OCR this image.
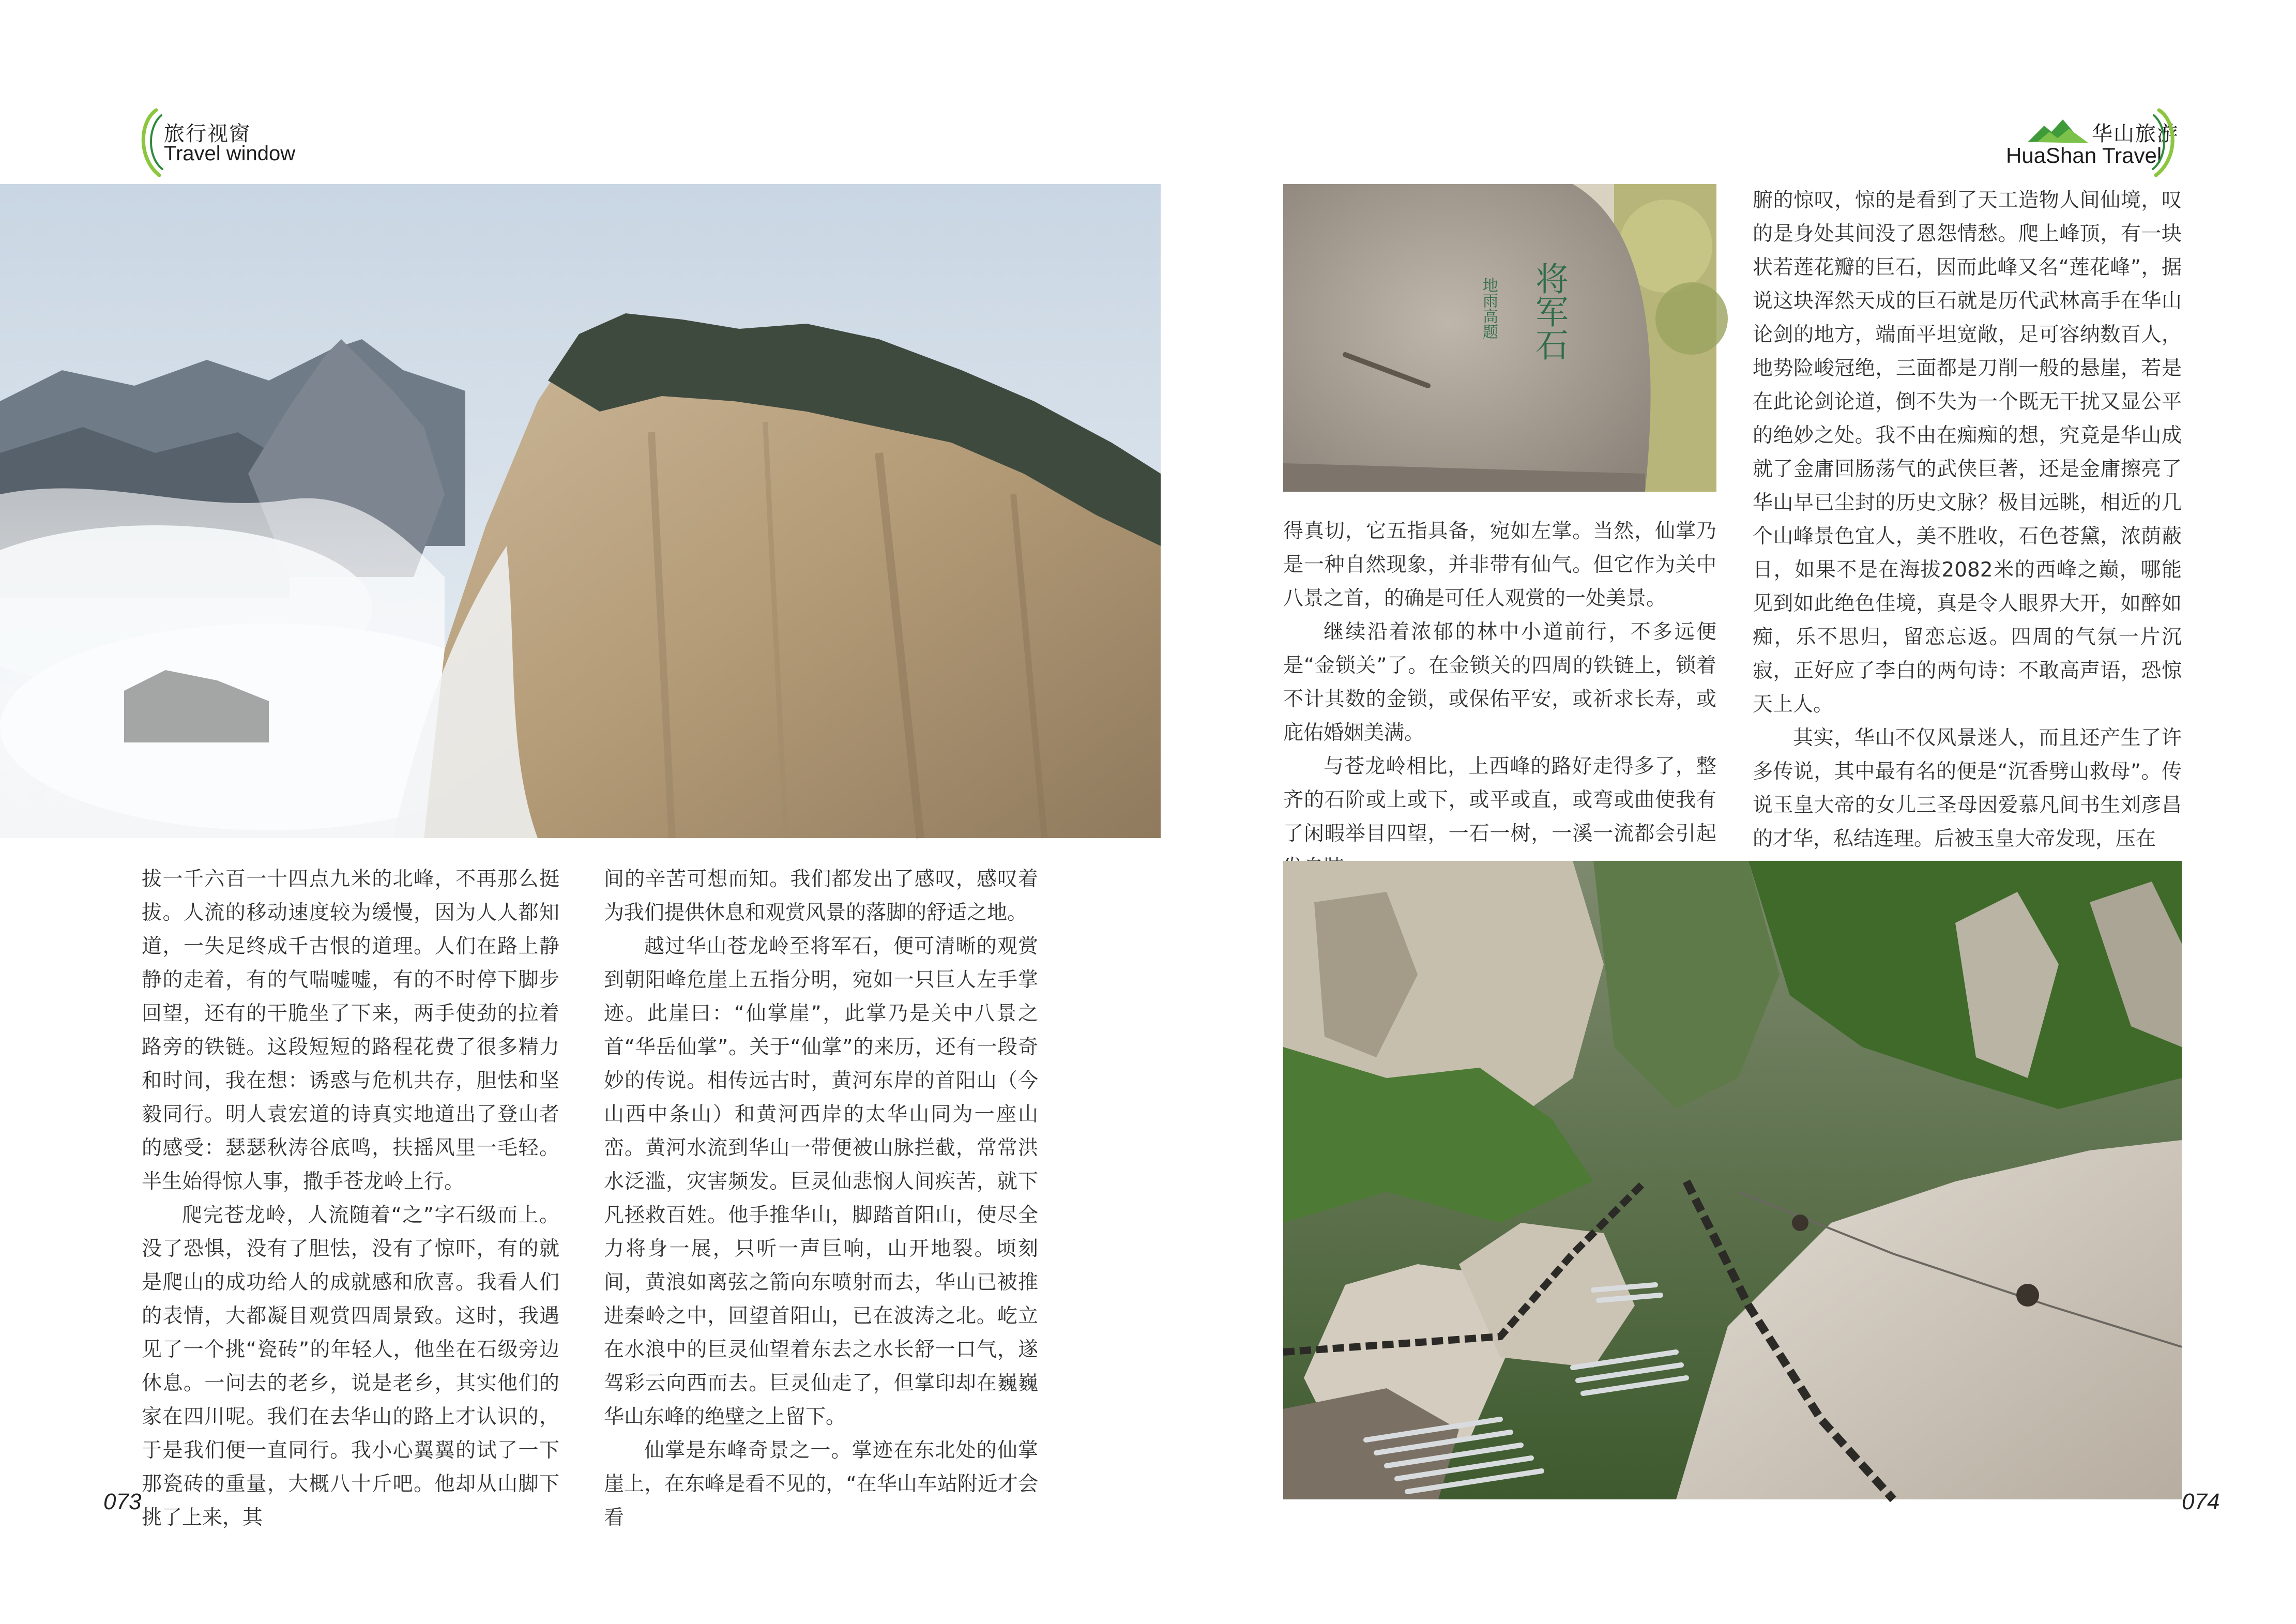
旅行视窗
Travel window
华山旅游
HuaShan Travel

拔一千六百一十四点九米的北峰，不再那么挺拔。人流的移动速度较为缓慢，因为人人都知道，一失足终成千古恨的道理。人们在路上静静的走着，有的气喘嘘嘘，有的不时停下脚步回望，还有的干脆坐了下来，两手使劲的拉着路旁的铁链。这段短短的路程花费了很多精力和时间，我在想：诱惑与危机共存，胆怯和坚毅同行。明人袁宏道的诗真实地道出了登山者的感受：瑟瑟秋涛谷底鸣，扶摇风里一毛轻。半生始得惊人事，撒手苍龙岭上行。

爬完苍龙岭，人流随着“之”字石级而上。没了恐惧，没有了胆怯，没有了惊吓，有的就是爬山的成功给人的成就感和欣喜。我看人们的表情，大都凝目观赏四周景致。这时，我遇见了一个挑“瓷砖”的年轻人，他坐在石级旁边休息。一问去的老乡，说是老乡，其实他们的家在四川呢。我们在去华山的路上才认识的，于是我们便一直同行。我小心翼翼的试了一下那瓷砖的重量，大概八十斤吧。他却从山脚下挑了上来，其

间的辛苦可想而知。我们都发出了感叹，感叹着为我们提供休息和观赏风景的落脚的舒适之地。

越过华山苍龙岭至将军石，便可清晰的观赏到朝阳峰危崖上五指分明，宛如一只巨人左手掌迹。此崖曰：“仙掌崖”，此掌乃是关中八景之首“华岳仙掌”。关于“仙掌”的来历，还有一段奇妙的传说。相传远古时，黄河东岸的首阳山（今山西中条山）和黄河西岸的太华山同为一座山峦。黄河水流到华山一带便被山脉拦截，常常洪水泛滥，灾害频发。巨灵仙悲悯人间疾苦，就下凡拯救百姓。他手推华山，脚踏首阳山，使尽全力将身一展，只听一声巨响，山开地裂。顷刻间，黄浪如离弦之箭向东喷射而去，华山已被推进秦岭之中，回望首阳山，已在波涛之北。屹立在水浪中的巨灵仙望着东去之水长舒一口气，遂驾彩云向西而去。巨灵仙走了，但掌印却在巍巍华山东峰的绝壁之上留下。

仙掌是东峰奇景之一。掌迹在东北处的仙掌崖上，在东峰是看不见的，“在华山车站附近才会看

073
将军石
地雨高题

得真切，它五指具备，宛如左掌。当然，仙掌乃是一种自然现象，并非带有仙气。但它作为关中八景之首，的确是可任人观赏的一处美景。

继续沿着浓郁的林中小道前行，不多远便是“金锁关”了。在金锁关的四周的铁链上，锁着不计其数的金锁，或保佑平安，或祈求长寿，或庇佑婚姻美满。

与苍龙岭相比，上西峰的路好走得多了，整齐的石阶或上或下，或平或直，或弯或曲使我有了闲暇举目四望，一石一树，一溪一流都会引起

腑的惊叹，惊的是看到了天工造物人间仙境，叹的是身处其间没了恩怨情愁。爬上峰顶，有一块状若莲花瓣的巨石，因而此峰又名“莲花峰”，据说这块浑然天成的巨石就是历代武林高手在华山论剑的地方，端面平坦宽敞，足可容纳数百人，地势险峻冠绝，三面都是刀削一般的悬崖，若是在此论剑论道，倒不失为一个既无干扰又显公平的绝妙之处。我不由在痴痴的想，究竟是华山成就了金庸回肠荡气的武侠巨著，还是金庸擦亮了华山早已尘封的历史文脉？极目远眺，相近的几个山峰景色宜人，美不胜收，石色苍黛，浓荫蔽日，如果不是在海拔2082米的西峰之巅，哪能见到如此绝色佳境，真是令人眼界大开，如醉如痴，乐不思归，留恋忘返。四周的气氛一片沉寂，正好应了李白的两句诗：不敢高声语，恐惊天上人。

其实，华山不仅风景迷人，而且还产生了许多传说，其中最有名的便是“沉香劈山救母”。传说玉皇大帝的女儿三圣母因爱慕凡间书生刘彦昌的才华，私结连理。后被玉皇大帝发现，压在

074
